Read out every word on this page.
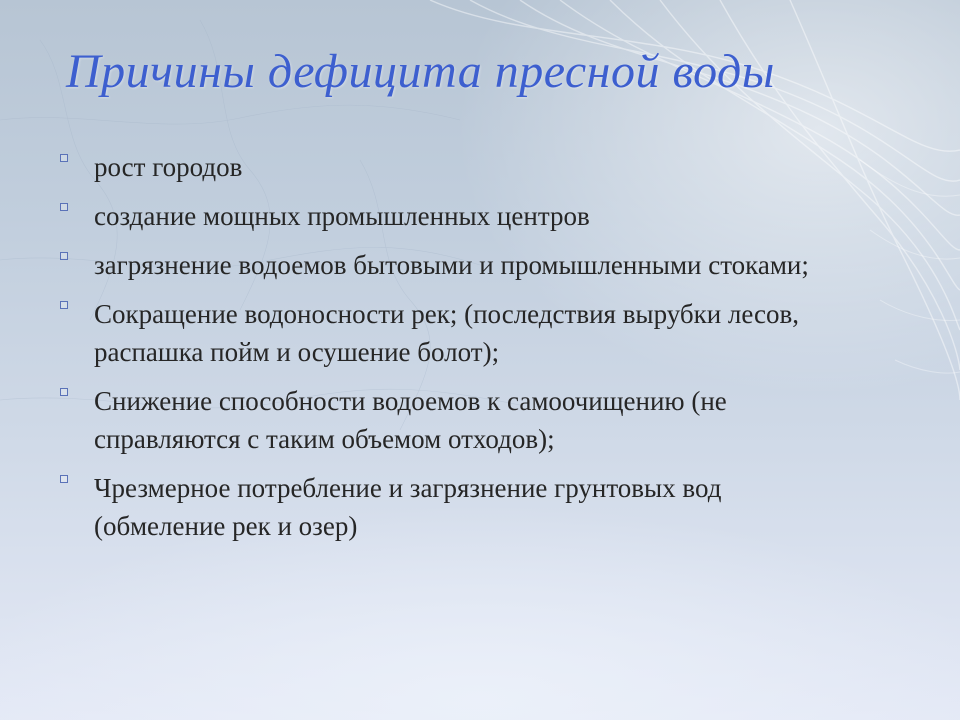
Причины дефицита пресной воды
рост городов
создание мощных промышленных центров
загрязнение водоемов бытовыми и промышленными стоками;
Сокращение водоносности рек; (последствия вырубки лесов, распашка пойм и осушение болот);
Снижение способности водоемов к самоочищению (не справляются с таким объемом отходов);
Чрезмерное потребление и загрязнение грунтовых вод (обмеление рек и озер)
